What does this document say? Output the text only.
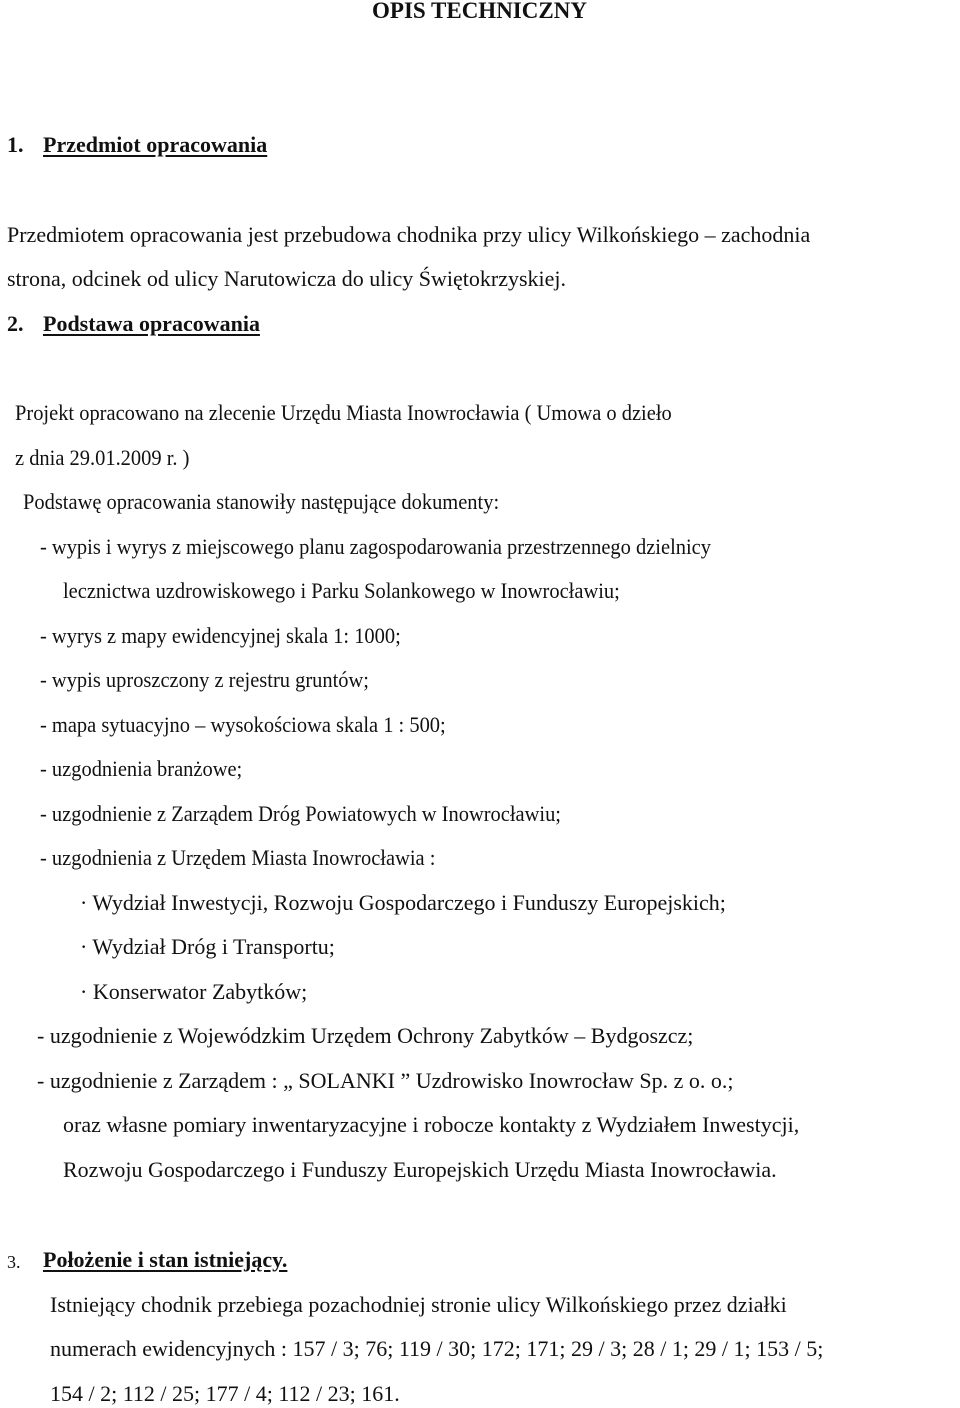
OPIS TECHNICZNY
1. Przedmiot opracowania
Przedmiotem opracowania jest przebudowa chodnika przy ulicy Wilkońskiego – zachodnia
strona, odcinek od ulicy Narutowicza do ulicy Świętokrzyskiej.
2. Podstawa opracowania
Projekt opracowano na zlecenie Urzędu Miasta Inowrocławia ( Umowa o dzieło
z dnia 29.01.2009 r. )
Podstawę opracowania stanowiły następujące dokumenty:
- wypis i wyrys z miejscowego planu zagospodarowania przestrzennego dzielnicy
lecznictwa uzdrowiskowego i Parku Solankowego w Inowrocławiu;
- wyrys z mapy ewidencyjnej skala 1: 1000;
- wypis uproszczony z rejestru gruntów;
- mapa sytuacyjno – wysokościowa skala 1 : 500;
- uzgodnienia branżowe;
- uzgodnienie z Zarządem Dróg Powiatowych w Inowrocławiu;
- uzgodnienia z Urzędem Miasta Inowrocławia :
· Wydział Inwestycji, Rozwoju Gospodarczego i Funduszy Europejskich;
· Wydział Dróg i Transportu;
· Konserwator Zabytków;
- uzgodnienie z Wojewódzkim Urzędem Ochrony Zabytków – Bydgoszcz;
- uzgodnienie z Zarządem : „ SOLANKI ” Uzdrowisko Inowrocław Sp. z o. o.;
oraz własne pomiary inwentaryzacyjne i robocze kontakty z Wydziałem Inwestycji,
Rozwoju Gospodarczego i Funduszy Europejskich Urzędu Miasta Inowrocławia.
3. Położenie i stan istniejący.
Istniejący chodnik przebiega pozachodniej stronie ulicy Wilkońskiego przez działki
numerach ewidencyjnych : 157 / 3; 76; 119 / 30; 172; 171; 29 / 3; 28 / 1; 29 / 1; 153 / 5;
154 / 2; 112 / 25; 177 / 4; 112 / 23; 161.
